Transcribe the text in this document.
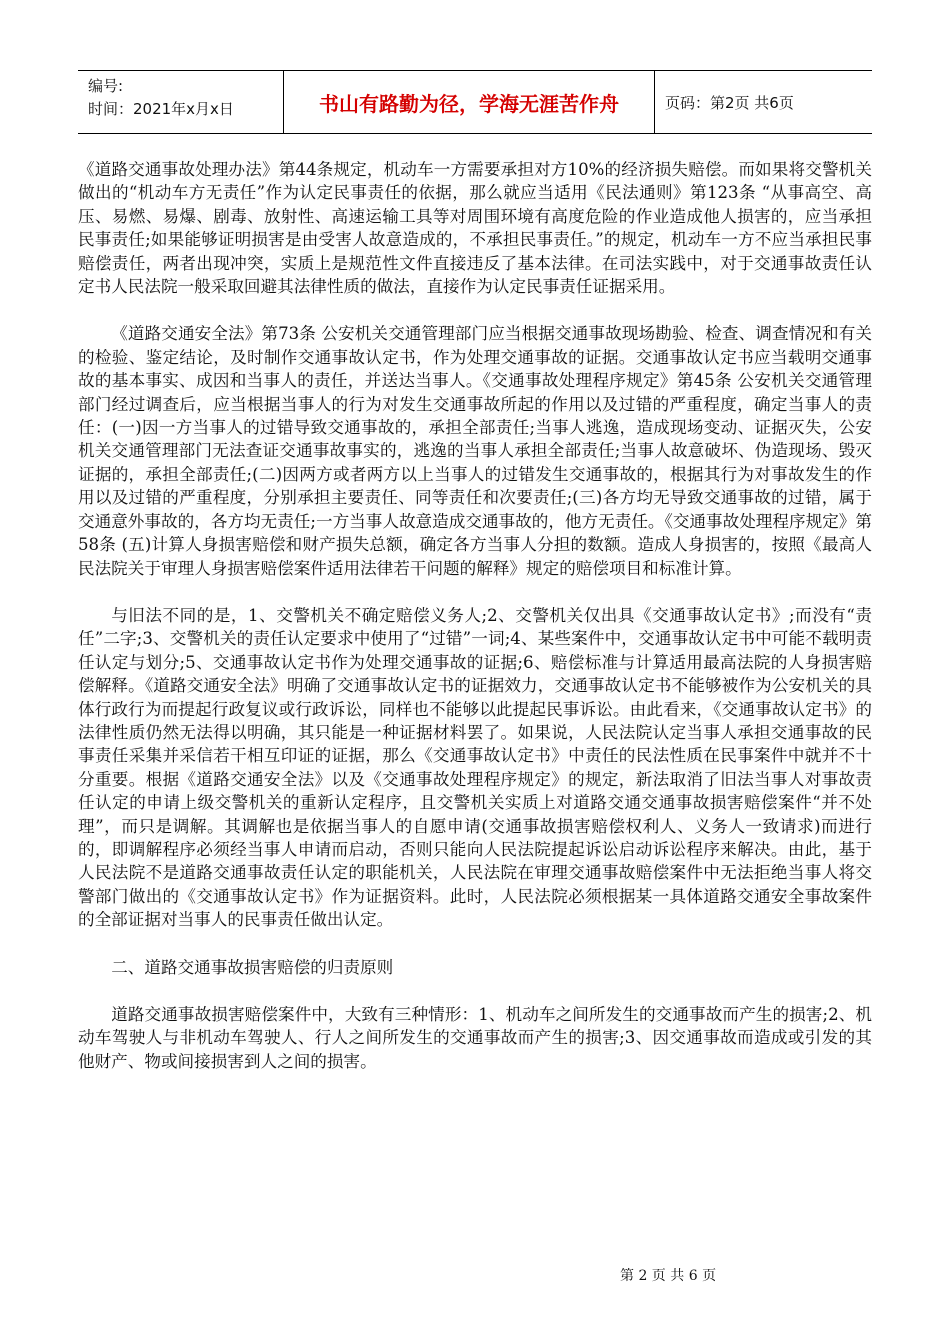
编号:
时间：2021年x月x日	书山有路勤为径，学海无涯苦作舟	页码：第2页 共6页

《道路交通事故处理办法》第44条规定，机动车一方需要承担对方10%的经济损失赔偿。而如果将交警机关做出的“机动车方无责任”作为认定民事责任的依据，那么就应当适用《民法通则》第123条 “从事高空、高压、易燃、易爆、剧毒、放射性、高速运输工具等对周围环境有高度危险的作业造成他人损害的，应当承担民事责任;如果能够证明损害是由受害人故意造成的，不承担民事责任。”的规定，机动车一方不应当承担民事赔偿责任，两者出现冲突，实质上是规范性文件直接违反了基本法律。在司法实践中，对于交通事故责任认定书人民法院一般采取回避其法律性质的做法，直接作为认定民事责任证据采用。

《道路交通安全法》第73条 公安机关交通管理部门应当根据交通事故现场勘验、检查、调查情况和有关的检验、鉴定结论，及时制作交通事故认定书，作为处理交通事故的证据。交通事故认定书应当载明交通事故的基本事实、成因和当事人的责任，并送达当事人。《交通事故处理程序规定》第45条 公安机关交通管理部门经过调查后，应当根据当事人的行为对发生交通事故所起的作用以及过错的严重程度，确定当事人的责任：(一)因一方当事人的过错导致交通事故的，承担全部责任;当事人逃逸，造成现场变动、证据灭失，公安机关交通管理部门无法查证交通事故事实的，逃逸的当事人承担全部责任;当事人故意破坏、伪造现场、毁灭证据的，承担全部责任;(二)因两方或者两方以上当事人的过错发生交通事故的，根据其行为对事故发生的作用以及过错的严重程度，分别承担主要责任、同等责任和次要责任;(三)各方均无导致交通事故的过错，属于交通意外事故的，各方均无责任;一方当事人故意造成交通事故的，他方无责任。《交通事故处理程序规定》第58条 (五)计算人身损害赔偿和财产损失总额，确定各方当事人分担的数额。造成人身损害的，按照《最高人民法院关于审理人身损害赔偿案件适用法律若干问题的解释》规定的赔偿项目和标准计算。

与旧法不同的是，1、交警机关不确定赔偿义务人;2、交警机关仅出具《交通事故认定书》;而没有“责任”二字;3、交警机关的责任认定要求中使用了“过错”一词;4、某些案件中，交通事故认定书中可能不载明责任认定与划分;5、交通事故认定书作为处理交通事故的证据;6、赔偿标准与计算适用最高法院的人身损害赔偿解释。《道路交通安全法》明确了交通事故认定书的证据效力，交通事故认定书不能够被作为公安机关的具体行政行为而提起行政复议或行政诉讼，同样也不能够以此提起民事诉讼。由此看来，《交通事故认定书》的法律性质仍然无法得以明确，其只能是一种证据材料罢了。如果说，人民法院认定当事人承担交通事故的民事责任采集并采信若干相互印证的证据，那么《交通事故认定书》中责任的民法性质在民事案件中就并不十分重要。根据《道路交通安全法》以及《交通事故处理程序规定》的规定，新法取消了旧法当事人对事故责任认定的申请上级交警机关的重新认定程序，且交警机关实质上对道路交通交通事故损害赔偿案件“并不处理”，而只是调解。其调解也是依据当事人的自愿申请(交通事故损害赔偿权利人、义务人一致请求)而进行的，即调解程序必须经当事人申请而启动，否则只能向人民法院提起诉讼启动诉讼程序来解决。由此，基于人民法院不是道路交通事故责任认定的职能机关，人民法院在审理交通事故赔偿案件中无法拒绝当事人将交警部门做出的《交通事故认定书》作为证据资料。此时，人民法院必须根据某一具体道路交通安全事故案件的全部证据对当事人的民事责任做出认定。

二、道路交通事故损害赔偿的归责原则

道路交通事故损害赔偿案件中，大致有三种情形：1、机动车之间所发生的交通事故而产生的损害;2、机动车驾驶人与非机动车驾驶人、行人之间所发生的交通事故而产生的损害;3、因交通事故而造成或引发的其他财产、物或间接损害到人之间的损害。

第 2 页 共 6 页
